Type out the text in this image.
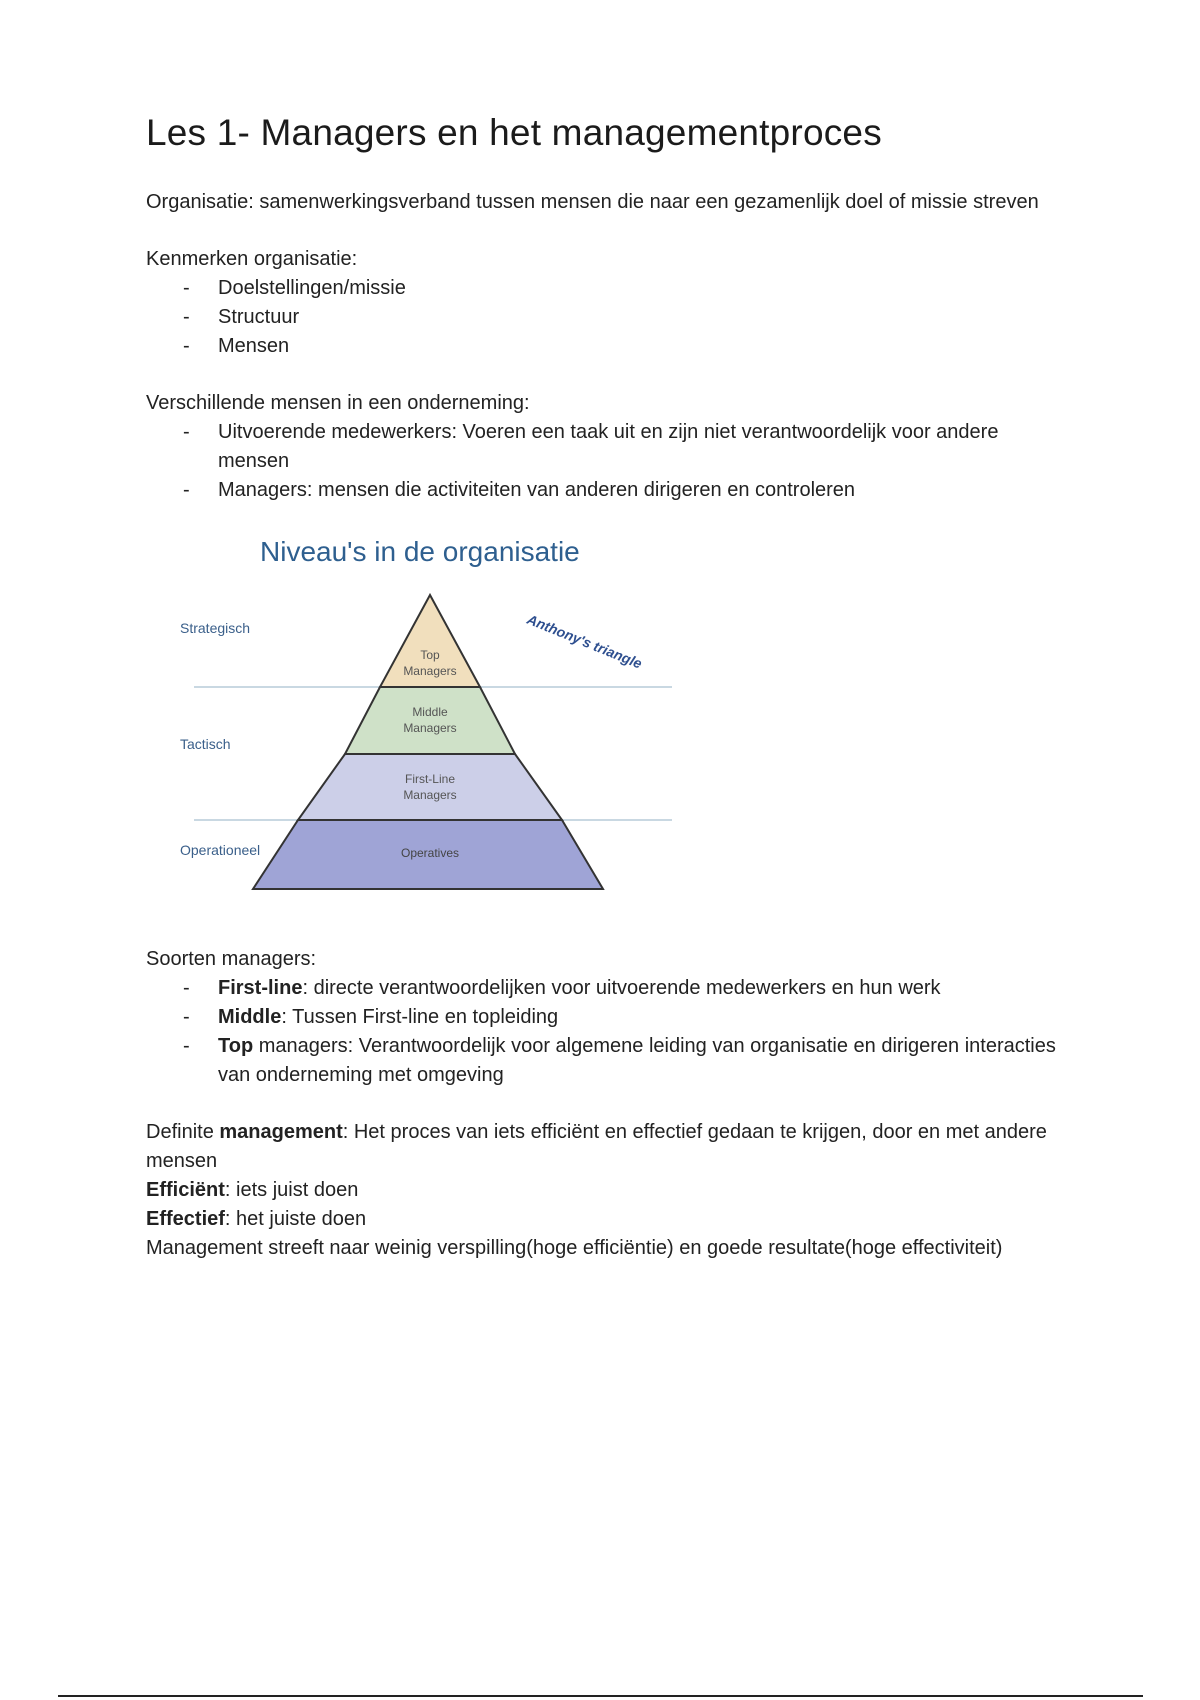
Les 1- Managers en het managementproces

Organisatie: samenwerkingsverband tussen mensen die naar een gezamenlijk doel of missie streven

Kenmerken organisatie:

- Doelstellingen/missie
- Structuur
- Mensen

Verschillende mensen in een onderneming:

- Uitvoerende medewerkers: Voeren een taak uit en zijn niet verantwoordelijk voor andere mensen
- Managers: mensen die activiteiten van anderen dirigeren en controleren
Niveau's in de organisatie
Top
Managers
Middle
Managers
First-Line
Managers
Operatives
Strategisch
Tactisch
Operationeel
Anthony's triangle

Soorten managers:

- First-line: directe verantwoordelijken voor uitvoerende medewerkers en hun werk
- Middle: Tussen First-line en topleiding
- Top managers: Verantwoordelijk voor algemene leiding van organisatie en dirigeren interacties van onderneming met omgeving

Definite management: Het proces van iets efficiënt en effectief gedaan te krijgen, door en met andere mensen

Efficiënt: iets juist doen

Effectief: het juiste doen

Management streeft naar weinig verspilling(hoge efficiëntie) en goede resultate(hoge effectiviteit)
